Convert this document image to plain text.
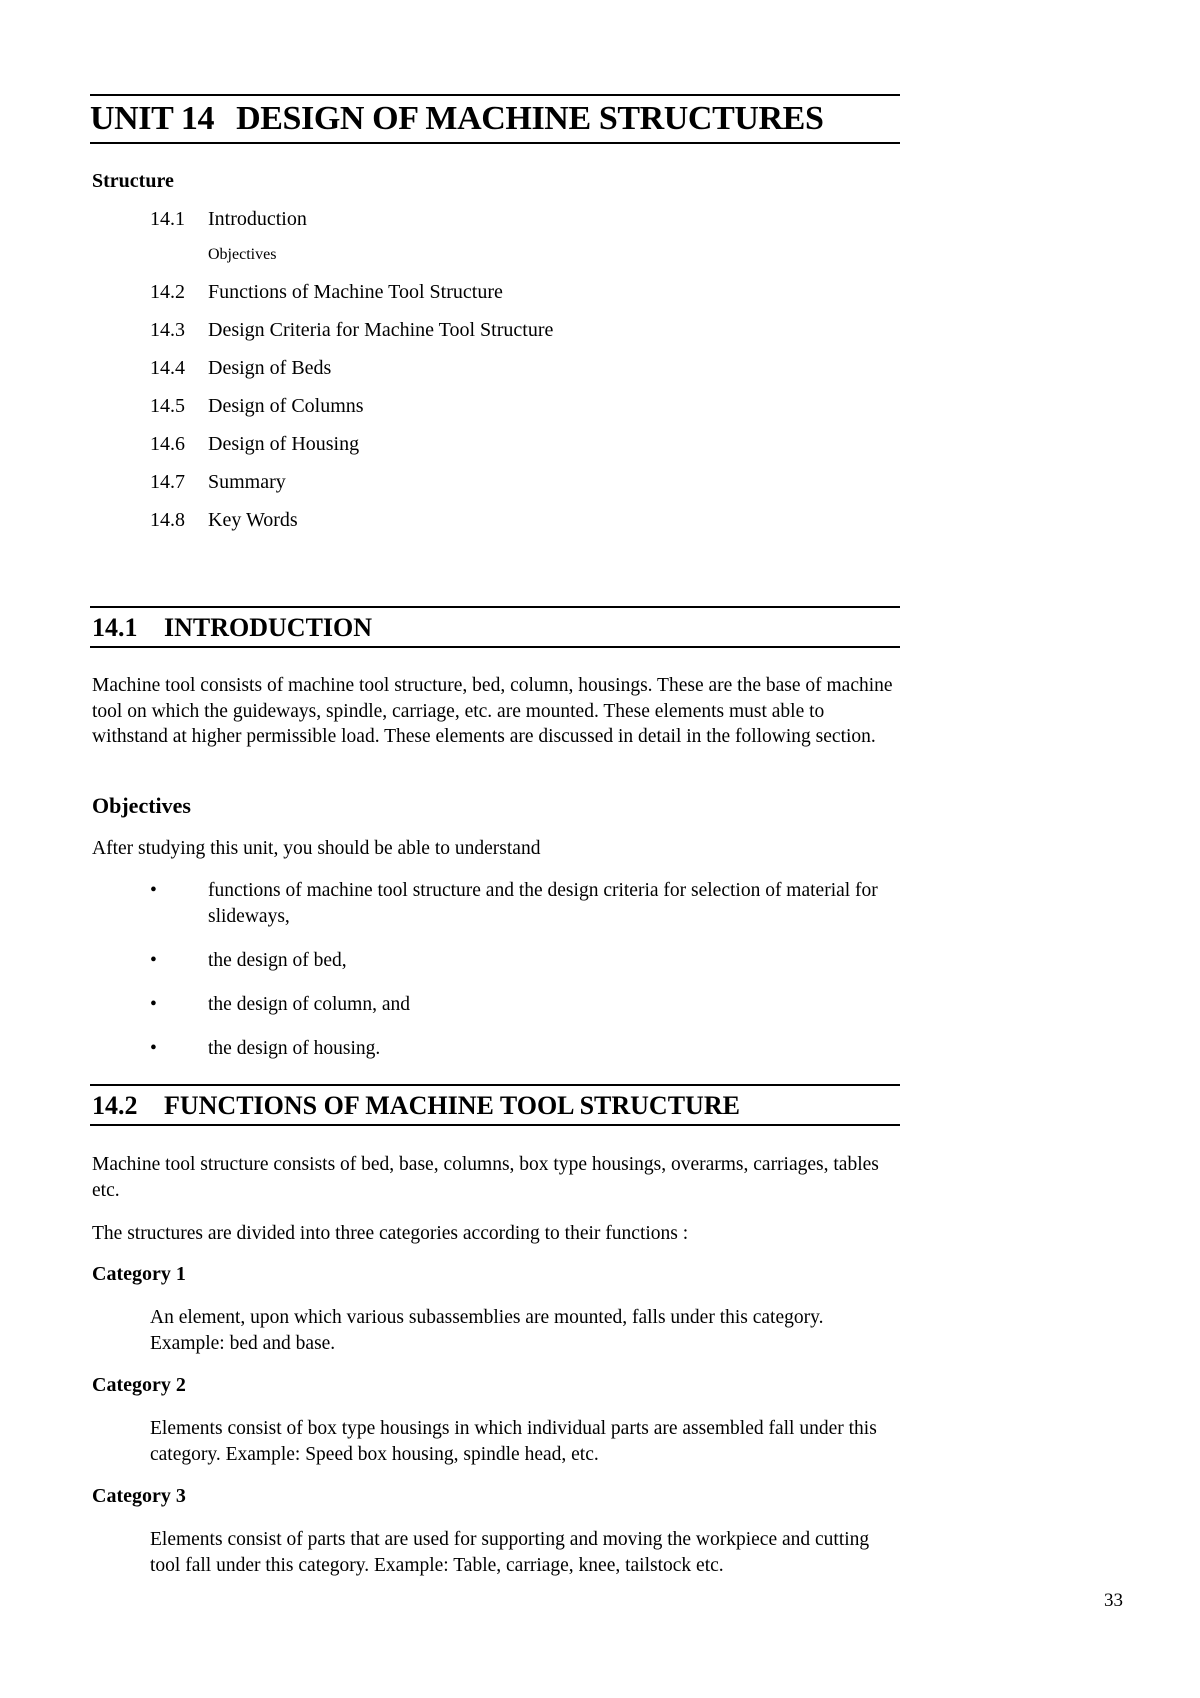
UNIT 14 DESIGN OF MACHINE STRUCTURES
Structure
14.1 Introduction
Objectives
14.2 Functions of Machine Tool Structure
14.3 Design Criteria for Machine Tool Structure
14.4 Design of Beds
14.5 Design of Columns
14.6 Design of Housing
14.7 Summary
14.8 Key Words
14.1 INTRODUCTION
Machine tool consists of machine tool structure, bed, column, housings. These are the base of machine tool on which the guideways, spindle, carriage, etc. are mounted. These elements must able to withstand at higher permissible load. These elements are discussed in detail in the following section.
Objectives
After studying this unit, you should be able to understand
•	functions of machine tool structure and the design criteria for selection of material for slideways,
•	the design of bed,
•	the design of column, and
•	the design of housing.
14.2 FUNCTIONS OF MACHINE TOOL STRUCTURE
Machine tool structure consists of bed, base, columns, box type housings, overarms, carriages, tables etc.
The structures are divided into three categories according to their functions :
Category 1
An element, upon which various subassemblies are mounted, falls under this category. Example: bed and base.
Category 2
Elements consist of box type housings in which individual parts are assembled fall under this category. Example: Speed box housing, spindle head, etc.
Category 3
Elements consist of parts that are used for supporting and moving the workpiece and cutting tool fall under this category. Example: Table, carriage, knee, tailstock etc.
33
